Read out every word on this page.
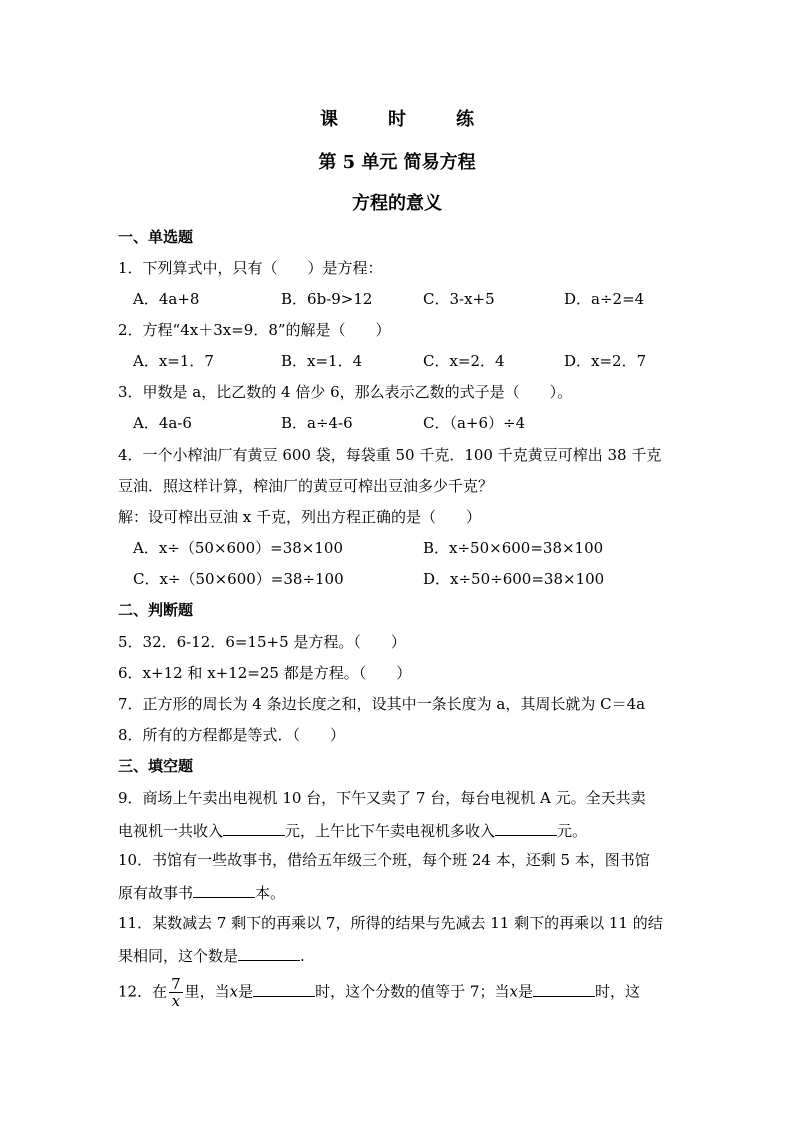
课　时　练
第 5 单元 简易方程
方程的意义
一、单选题
1．下列算式中，只有（　　）是方程：
A．4a+8	B．6b-9>12	C．3-x+5	D．a÷2=4
2．方程“4x＋3x=9．8”的解是（　　）
A．x=1．7	B．x=1．4	C．x=2．4	D．x=2．7
3．甲数是 a，比乙数的 4 倍少 6，那么表示乙数的式子是（　　）。
A．4a-6	B．a÷4-6	C．（a+6）÷4
4．一个小榨油厂有黄豆 600 袋，每袋重 50 千克．100 千克黄豆可榨出 38 千克
豆油．照这样计算，榨油厂的黄豆可榨出豆油多少千克？
解：设可榨出豆油 x 千克，列出方程正确的是（　　）
A．x÷（50×600）=38×100	B．x÷50×600=38×100
C．x÷（50×600）=38÷100	D．x÷50÷600=38×100
二、判断题
5．32．6-12．6=15+5 是方程。（　　）
6．x+12 和 x+12=25 都是方程。（　　）
7．正方形的周长为 4 条边长度之和，设其中一条长度为 a，其周长就为 C＝4a
8．所有的方程都是等式．（　　）
三、填空题
9．商场上午卖出电视机 10 台，下午又卖了 7 台，每台电视机 A 元。全天共卖
电视机一共收入	元，上午比下午卖电视机多收入	元。
10．书馆有一些故事书，借给五年级三个班，每个班 24 本，还剩 5 本，图书馆
原有故事书	本。
11．某数减去 7 剩下的再乘以 7，所得的结果与先减去 11 剩下的再乘以 11 的结
果相同，这个数是	.
12．在 $\frac{7}{x}$ 里，当x是	时，这个分数的值等于 7；当x是	时，这
